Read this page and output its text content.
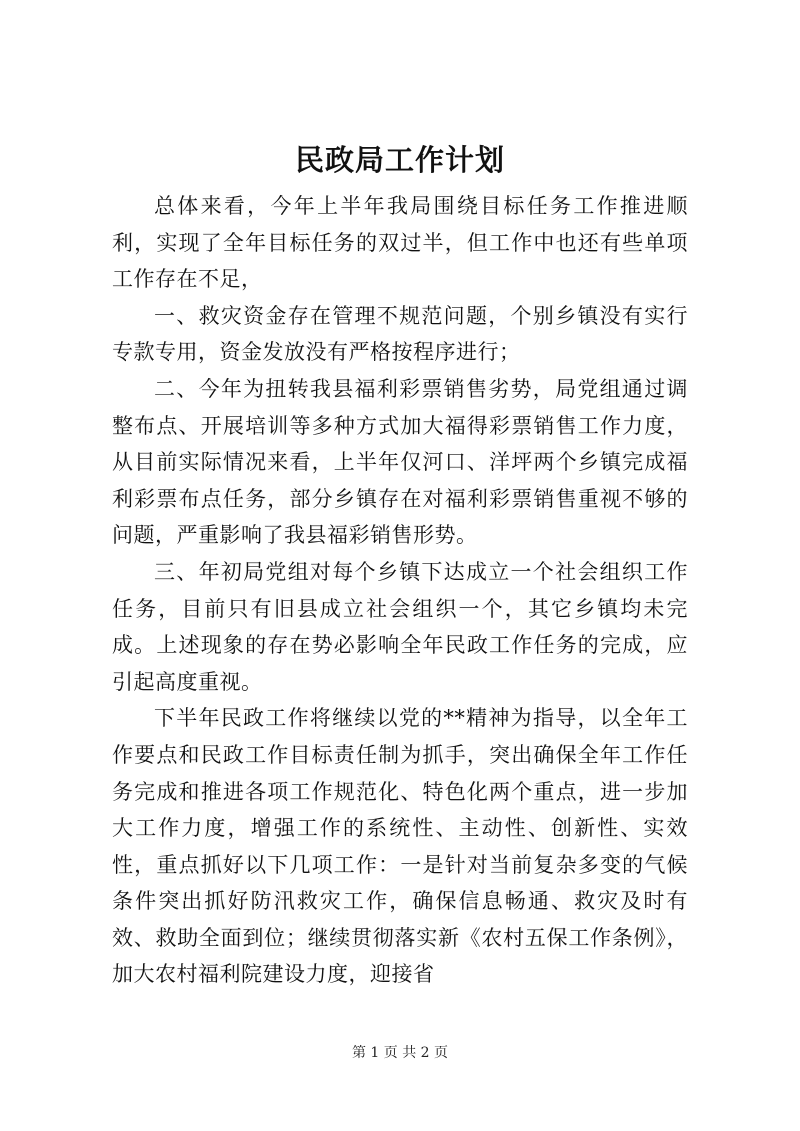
民政局工作计划

总体来看，今年上半年我局围绕目标任务工作推进顺利，实现了全年目标任务的双过半，但工作中也还有些单项工作存在不足，

一、救灾资金存在管理不规范问题，个别乡镇没有实行专款专用，资金发放没有严格按程序进行；

二、今年为扭转我县福利彩票销售劣势，局党组通过调整布点、开展培训等多种方式加大福得彩票销售工作力度，从目前实际情况来看，上半年仅河口、洋坪两个乡镇完成福利彩票布点任务，部分乡镇存在对福利彩票销售重视不够的问题，严重影响了我县福彩销售形势。

三、年初局党组对每个乡镇下达成立一个社会组织工作任务，目前只有旧县成立社会组织一个，其它乡镇均未完成。上述现象的存在势必影响全年民政工作任务的完成，应引起高度重视。

下半年民政工作将继续以党的**精神为指导，以全年工作要点和民政工作目标责任制为抓手，突出确保全年工作任务完成和推进各项工作规范化、特色化两个重点，进一步加大工作力度，增强工作的系统性、主动性、创新性、实效性，重点抓好以下几项工作：一是针对当前复杂多变的气候条件突出抓好防汛救灾工作，确保信息畅通、救灾及时有效、救助全面到位；继续贯彻落实新《农村五保工作条例》，加大农村福利院建设力度，迎接省

第 1 页 共 2 页
